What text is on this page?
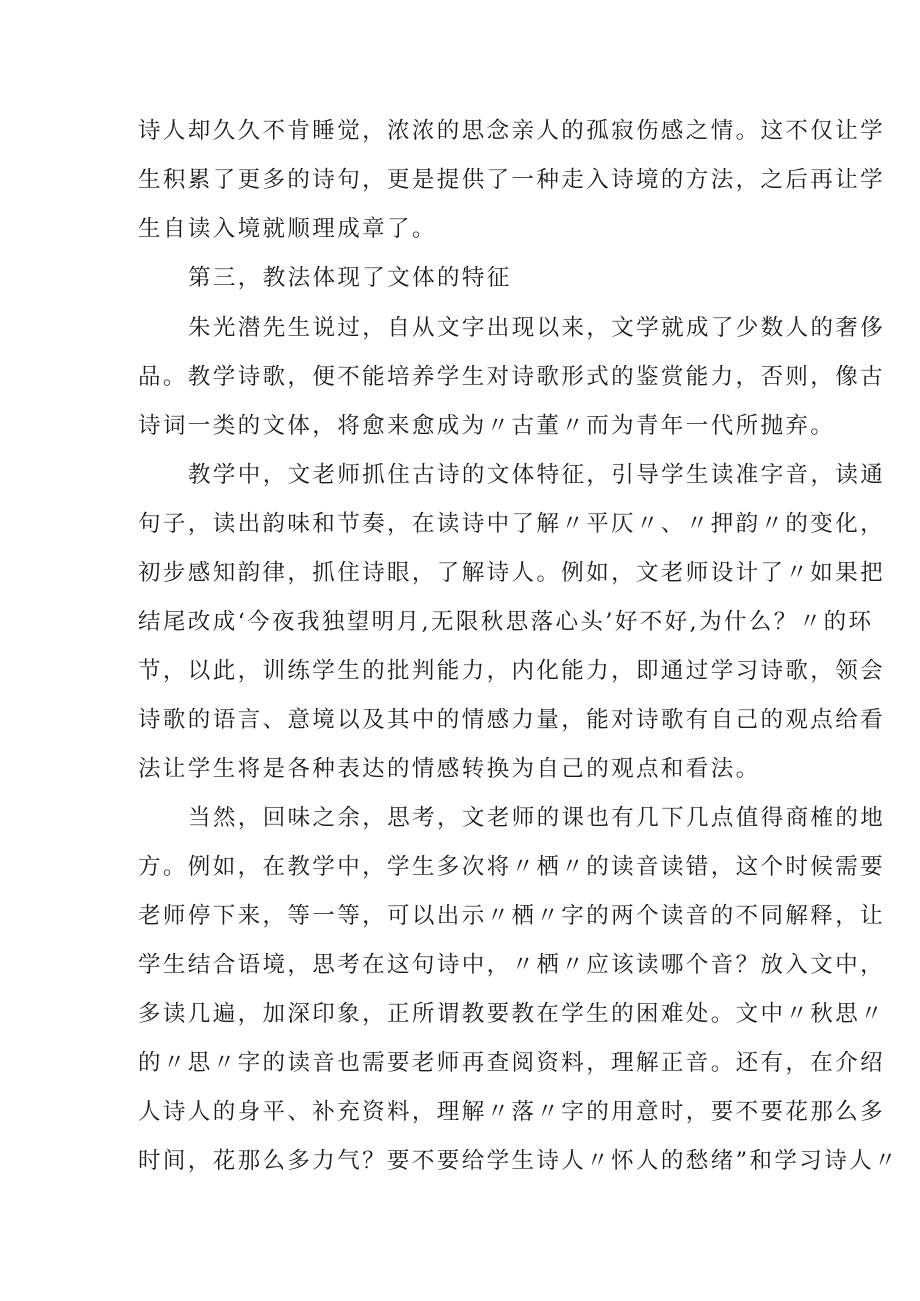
诗人却久久不肯睡觉，浓浓的思念亲人的孤寂伤感之情。这不仅让学
生积累了更多的诗句，更是提供了一种走入诗境的方法，之后再让学
生自读入境就顺理成章了。
第三，教法体现了文体的特征
朱光潜先生说过，自从文字出现以来，文学就成了少数人的奢侈
品。教学诗歌，便不能培养学生对诗歌形式的鉴赏能力，否则，像古
诗词一类的文体，将愈来愈成为〃古董〃而为青年一代所抛弃。
教学中，文老师抓住古诗的文体特征，引导学生读准字音，读通
句子，读出韵味和节奏，在读诗中了解〃平仄〃、〃押韵〃的变化，
初步感知韵律，抓住诗眼，了解诗人。例如，文老师设计了〃如果把
结尾改成‘今夜我独望明月,无限秋思落心头’好不好,为什么？〃的环
节，以此，训练学生的批判能力，内化能力，即通过学习诗歌，领会
诗歌的语言、意境以及其中的情感力量，能对诗歌有自己的观点给看
法让学生将是各种表达的情感转换为自己的观点和看法。
当然，回味之余，思考，文老师的课也有几下几点值得商榷的地
方。例如，在教学中，学生多次将〃栖〃的读音读错，这个时候需要
老师停下来，等一等，可以出示〃栖〃字的两个读音的不同解释，让
学生结合语境，思考在这句诗中，〃栖〃应该读哪个音？放入文中，
多读几遍，加深印象，正所谓教要教在学生的困难处。文中〃秋思〃
的〃思〃字的读音也需要老师再查阅资料，理解正音。还有，在介绍
人诗人的身平、补充资料，理解〃落〃字的用意时，要不要花那么多
时间，花那么多力气？要不要给学生诗人〃怀人的愁绪”和学习诗人〃
